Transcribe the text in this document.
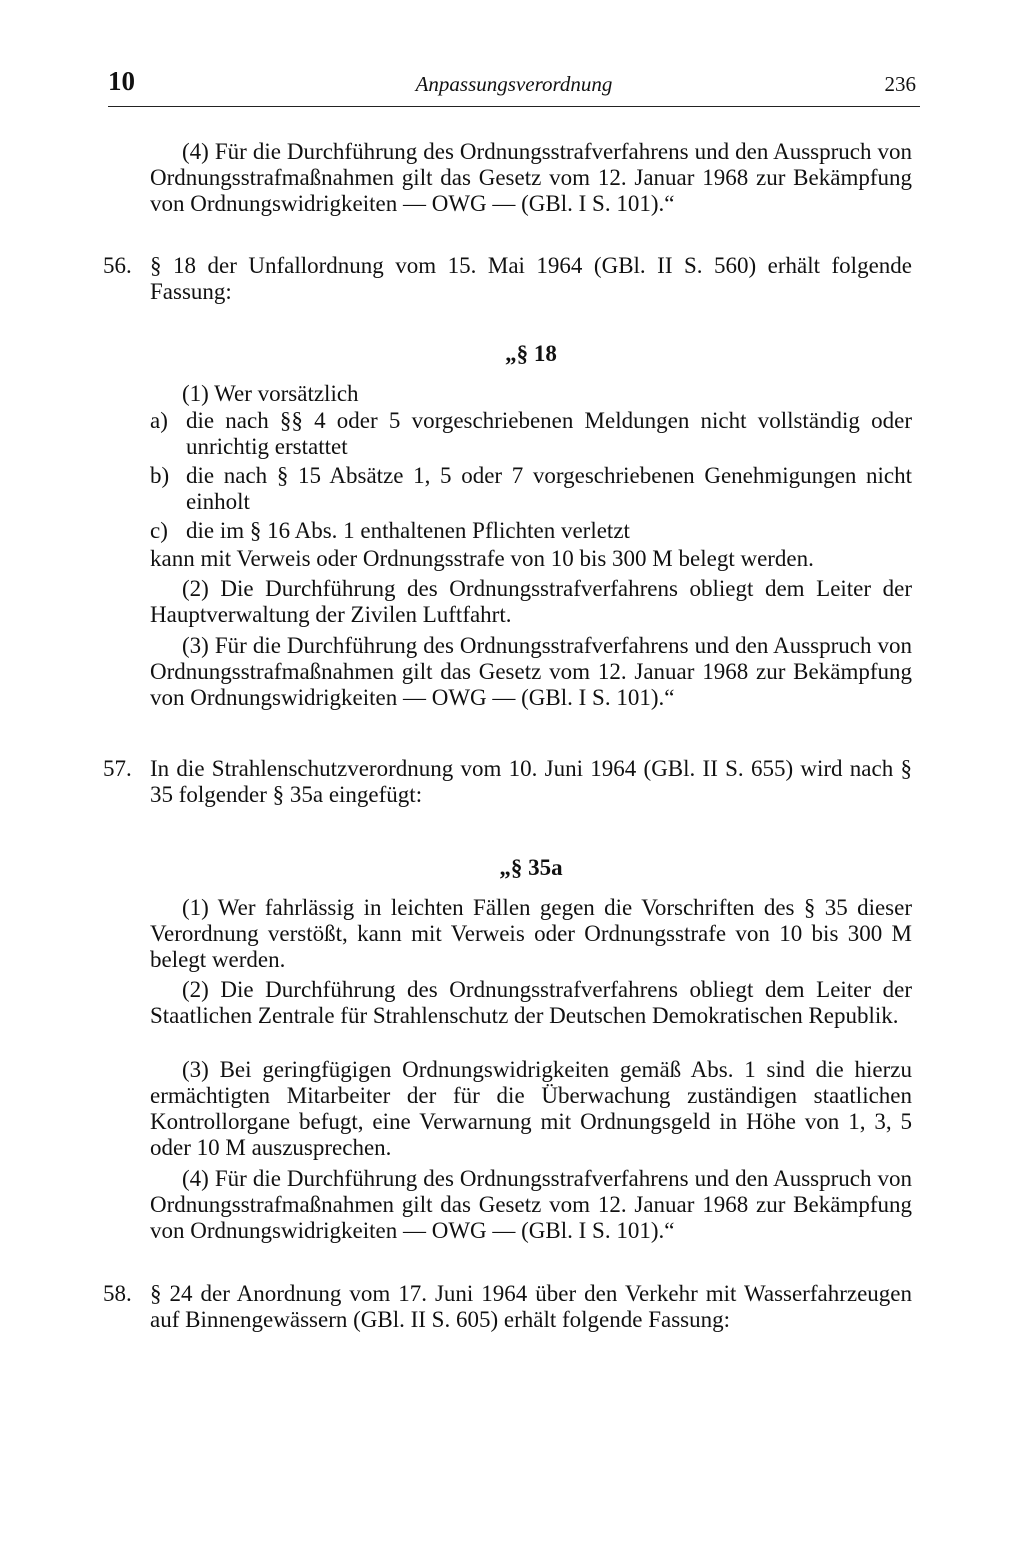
10	Anpassungsverordnung	236

(4) Für die Durchführung des Ordnungsstrafverfahrens und den Ausspruch von Ordnungsstrafmaßnahmen gilt das Gesetz vom 12. Januar 1968 zur Bekämpfung von Ordnungswidrigkeiten — OWG — (GBl. I S. 101).“

56. § 18 der Unfallordnung vom 15. Mai 1964 (GBl. II S. 560) erhält folgende Fassung:

„§ 18

(1) Wer vorsätzlich

a) die nach §§ 4 oder 5 vorgeschriebenen Meldungen nicht vollständig oder unrichtig erstattet

b) die nach § 15 Absätze 1, 5 oder 7 vorgeschriebenen Genehmigungen nicht einholt

c) die im § 16 Abs. 1 enthaltenen Pflichten verletzt

kann mit Verweis oder Ordnungsstrafe von 10 bis 300 M belegt werden.

(2) Die Durchführung des Ordnungsstrafverfahrens obliegt dem Leiter der Hauptverwaltung der Zivilen Luftfahrt.

(3) Für die Durchführung des Ordnungsstrafverfahrens und den Ausspruch von Ordnungsstrafmaßnahmen gilt das Gesetz vom 12. Januar 1968 zur Bekämpfung von Ordnungswidrigkeiten — OWG — (GBl. I S. 101).“

57. In die Strahlenschutzverordnung vom 10. Juni 1964 (GBl. II S. 655) wird nach § 35 folgender § 35a eingefügt:

„§ 35a

(1) Wer fahrlässig in leichten Fällen gegen die Vorschriften des § 35 dieser Verordnung verstößt, kann mit Verweis oder Ordnungsstrafe von 10 bis 300 M belegt werden.

(2) Die Durchführung des Ordnungsstrafverfahrens obliegt dem Leiter der Staatlichen Zentrale für Strahlenschutz der Deutschen Demokratischen Republik.

(3) Bei geringfügigen Ordnungswidrigkeiten gemäß Abs. 1 sind die hierzu ermächtigten Mitarbeiter der für die Überwachung zuständigen staatlichen Kontrollorgane befugt, eine Verwarnung mit Ordnungsgeld in Höhe von 1, 3, 5 oder 10 M auszusprechen.

(4) Für die Durchführung des Ordnungsstrafverfahrens und den Ausspruch von Ordnungsstrafmaßnahmen gilt das Gesetz vom 12. Januar 1968 zur Bekämpfung von Ordnungswidrigkeiten — OWG — (GBl. I S. 101).“

58. § 24 der Anordnung vom 17. Juni 1964 über den Verkehr mit Wasserfahrzeugen auf Binnengewässern (GBl. II S. 605) erhält folgende Fassung:
